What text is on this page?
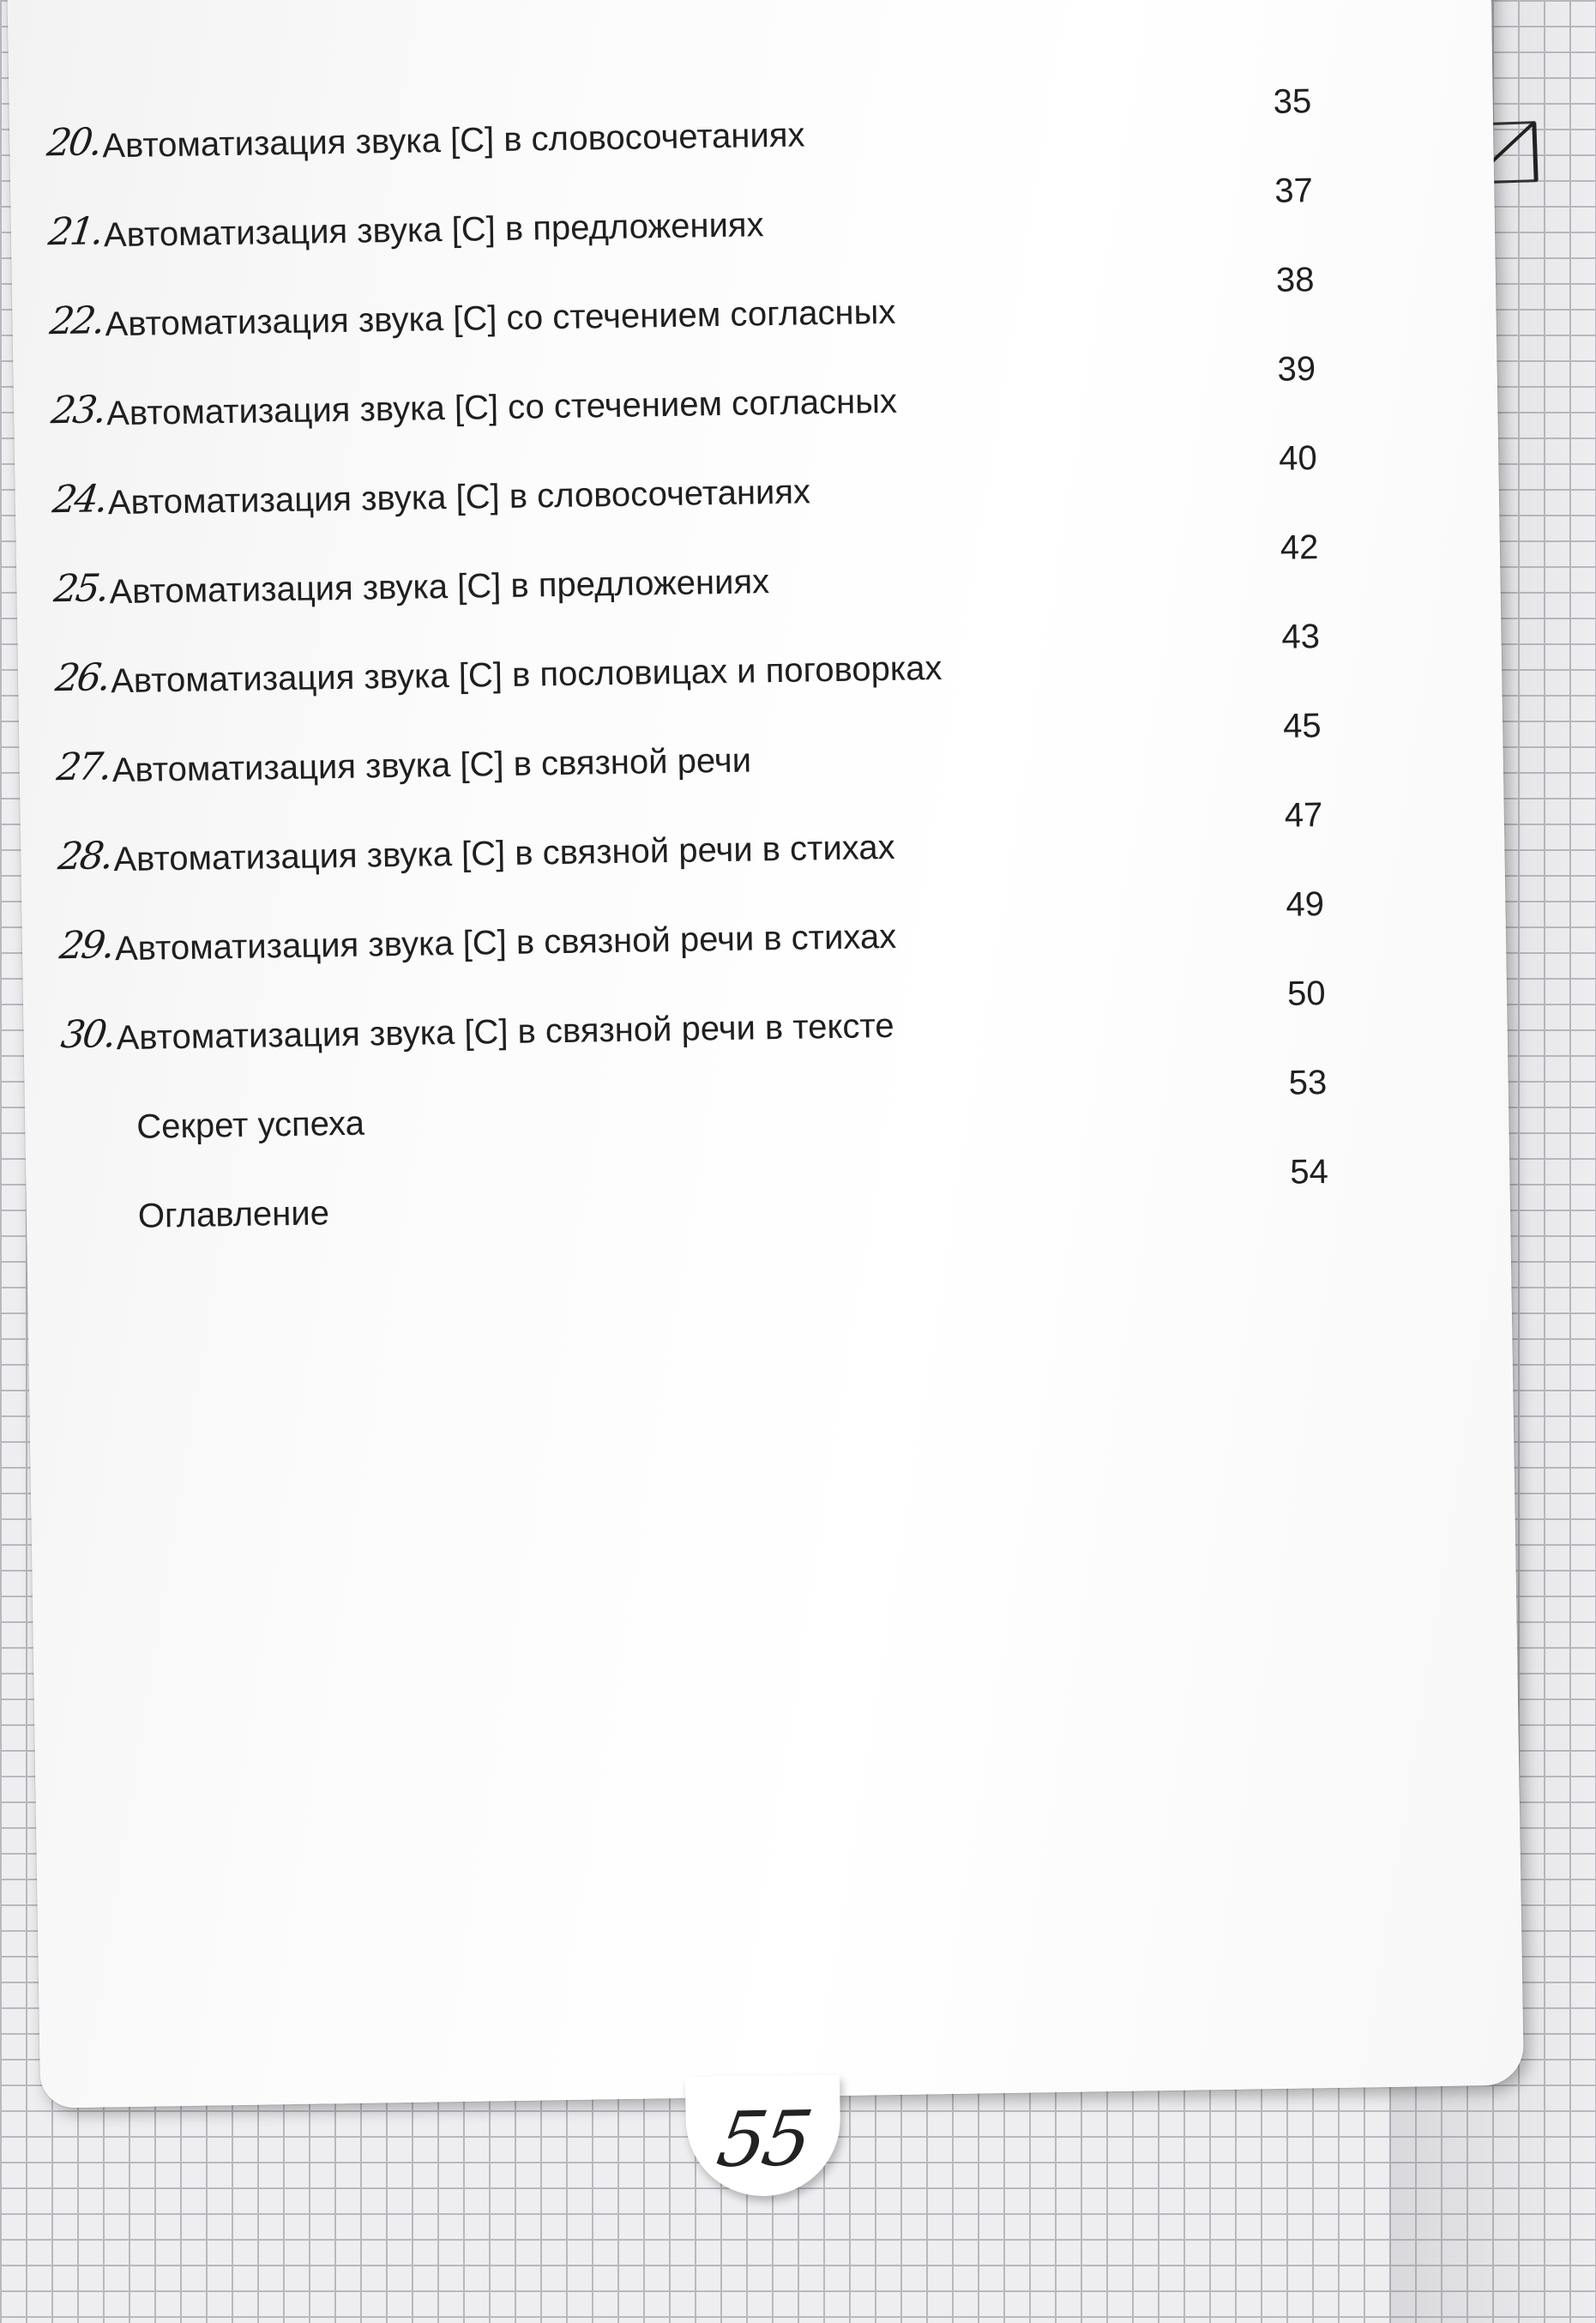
20. Автоматизация звука [С] в словосочетаниях
35
21. Автоматизация звука [С] в предложениях
37
22. Автоматизация звука [С] со стечением согласных
38
23. Автоматизация звука [С] со стечением согласных
39
24. Автоматизация звука [С] в словосочетаниях
40
25. Автоматизация звука [С] в предложениях
42
26. Автоматизация звука [С] в пословицах и поговорках
43
27. Автоматизация звука [С] в связной речи
45
28. Автоматизация звука [С] в связной речи в стихах
47
29. Автоматизация звука [С] в связной речи в стихах
49
30. Автоматизация звука [С] в связной речи в тексте
50
Секрет успеха
53
Оглавление
54
55
